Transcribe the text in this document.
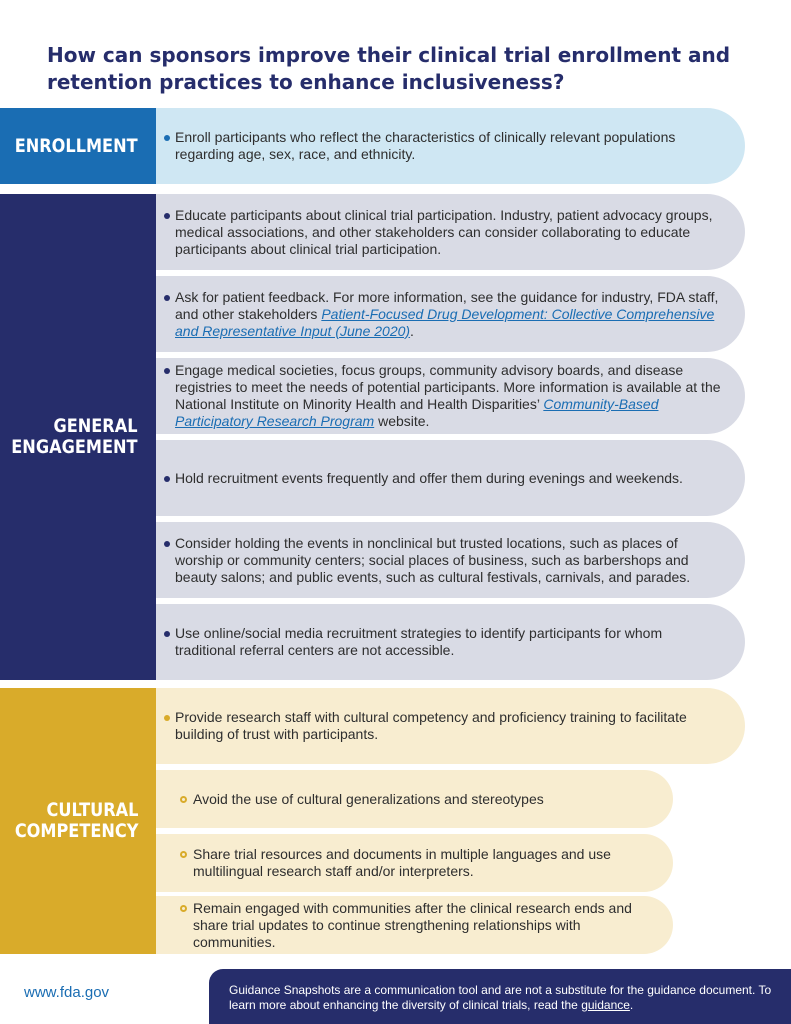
How can sponsors improve their clinical trial enrollment and retention practices to enhance inclusiveness?
ENROLLMENT	Enroll participants who reflect the characteristics of clinically relevant populations regarding age, sex, race, and ethnicity.
GENERAL
ENGAGEMENT
Educate participants about clinical trial participation. Industry, patient advocacy groups, medical associations, and other stakeholders can consider collaborating to educate participants about clinical trial participation.
Ask for patient feedback. For more information, see the guidance for industry, FDA staff, and other stakeholders Patient-Focused Drug Development: Collective Comprehensive and Representative Input (June 2020).
Engage medical societies, focus groups, community advisory boards, and disease registries to meet the needs of potential participants. More information is available at the National Institute on Minority Health and Health Disparities’ Community-Based Participatory Research Program website.
Hold recruitment events frequently and offer them during evenings and weekends.
Consider holding the events in nonclinical but trusted locations, such as places of worship or community centers; social places of business, such as barbershops and beauty salons; and public events, such as cultural festivals, carnivals, and parades.
Use online/social media recruitment strategies to identify participants for whom traditional referral centers are not accessible.
CULTURAL
COMPETENCY
Provide research staff with cultural competency and proficiency training to facilitate building of trust with participants.
Avoid the use of cultural generalizations and stereotypes
Share trial resources and documents in multiple languages and use multilingual research staff and/or interpreters.
Remain engaged with communities after the clinical research ends and share trial updates to continue strengthening relationships with communities.
www.fda.gov	Guidance Snapshots are a communication tool and are not a substitute for the guidance document. To learn more about enhancing the diversity of clinical trials, read the guidance.
